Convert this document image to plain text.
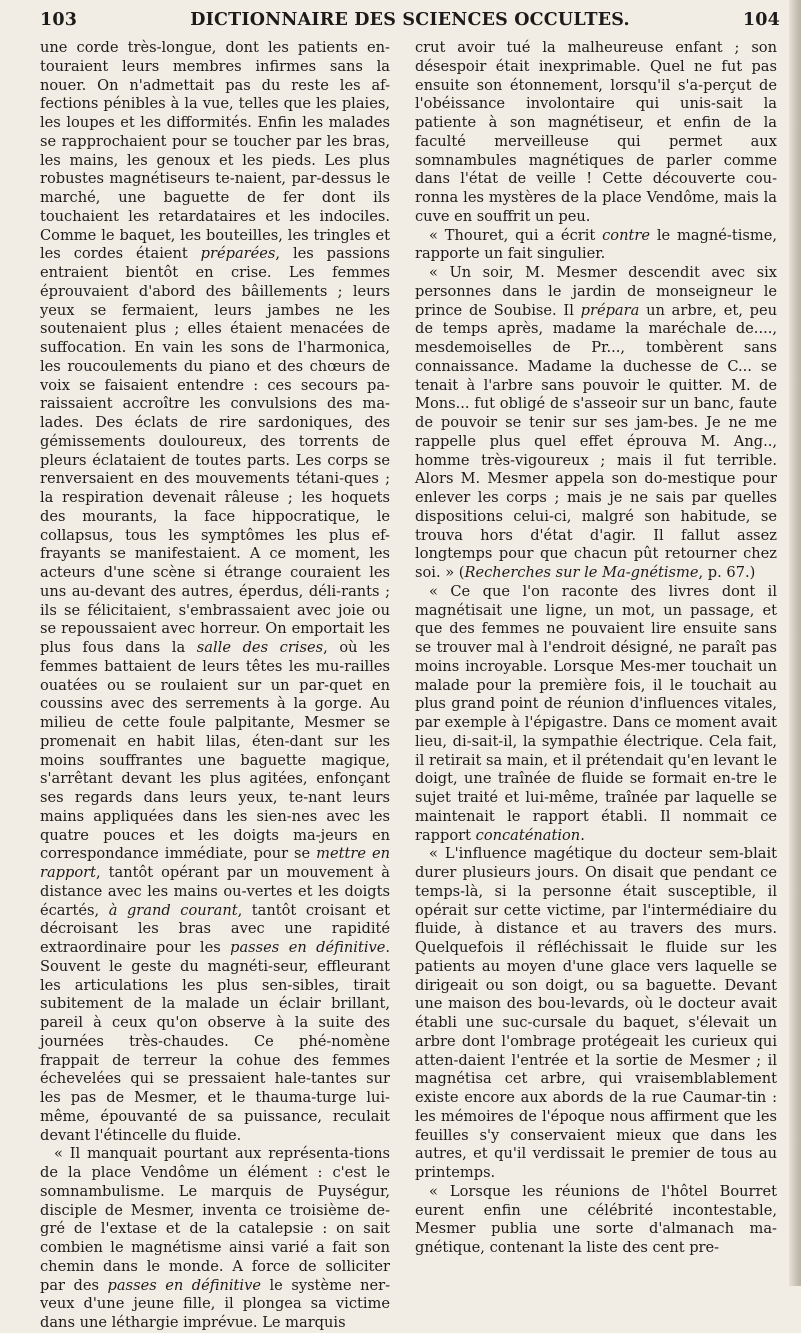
103	DICTIONNAIRE DES SCIENCES OCCULTES.	104

une corde très-longue, dont les patients en-touraient leurs membres infirmes sans la nouer. On n'admettait pas du reste les af-fections pénibles à la vue, telles que les plaies, les loupes et les difformités. Enfin les malades se rapprochaient pour se toucher par les bras, les mains, les genoux et les pieds. Les plus robustes magnétiseurs te-naient, par-dessus le marché, une baguette de fer dont ils touchaient les retardataires et les indociles. Comme le baquet, les bouteilles, les tringles et les cordes étaient préparées, les passions entraient bientôt en crise. Les femmes éprouvaient d'abord des bâillements ; leurs yeux se fermaient, leurs jambes ne les soutenaient plus ; elles étaient menacées de suffocation. En vain les sons de l'harmonica, les roucoulements du piano et des chœurs de voix se faisaient entendre : ces secours pa-raissaient accroître les convulsions des ma-lades. Des éclats de rire sardoniques, des gémissements douloureux, des torrents de pleurs éclataient de toutes parts. Les corps se renversaient en des mouvements tétani-ques ; la respiration devenait râleuse ; les hoquets des mourants, la face hippocratique, le collapsus, tous les symptômes les plus ef-frayants se manifestaient. A ce moment, les acteurs d'une scène si étrange couraient les uns au-devant des autres, éperdus, déli-rants ; ils se félicitaient, s'embrassaient avec joie ou se repoussaient avec horreur. On emportait les plus fous dans la salle des crises, où les femmes battaient de leurs têtes les mu-railles ouatées ou se roulaient sur un par-quet en coussins avec des serrements à la gorge. Au milieu de cette foule palpitante, Mesmer se promenait en habit lilas, éten-dant sur les moins souffrantes une baguette magique, s'arrêtant devant les plus agitées, enfonçant ses regards dans leurs yeux, te-nant leurs mains appliquées dans les sien-nes avec les quatre pouces et les doigts ma-jeurs en correspondance immédiate, pour se mettre en rapport, tantôt opérant par un mouvement à distance avec les mains ou-vertes et les doigts écartés, à grand courant, tantôt croisant et décroisant les bras avec une rapidité extraordinaire pour les passes en définitive. Souvent le geste du magnéti-seur, effleurant les articulations les plus sen-sibles, tirait subitement de la malade un éclair brillant, pareil à ceux qu'on observe à la suite des journées très-chaudes. Ce phé-nomène frappait de terreur la cohue des femmes échevelées qui se pressaient hale-tantes sur les pas de Mesmer, et le thauma-turge lui-même, épouvanté de sa puissance, reculait devant l'étincelle du fluide.

« Il manquait pourtant aux représenta-tions de la place Vendôme un élément : c'est le somnambulisme. Le marquis de Puységur, disciple de Mesmer, inventa ce troisième de-gré de l'extase et de la catalepsie : on sait combien le magnétisme ainsi varié a fait son chemin dans le monde. A force de solliciter par des passes en définitive le système ner-veux d'une jeune fille, il plongea sa victime dans une léthargie imprévue. Le marquis

crut avoir tué la malheureuse enfant ; son désespoir était inexprimable. Quel ne fut pas ensuite son étonnement, lorsqu'il s'a-perçut de l'obéissance involontaire qui unis-sait la patiente à son magnétiseur, et enfin de la faculté merveilleuse qui permet aux somnambules magnétiques de parler comme dans l'état de veille ! Cette découverte cou-ronna les mystères de la place Vendôme, mais la cuve en souffrit un peu.

« Thouret, qui a écrit contre le magné-tisme, rapporte un fait singulier.

« Un soir, M. Mesmer descendit avec six personnes dans le jardin de monseigneur le prince de Soubise. Il prépara un arbre, et, peu de temps après, madame la maréchale de...., mesdemoiselles de Pr..., tombèrent sans connaissance. Madame la duchesse de C... se tenait à l'arbre sans pouvoir le quitter. M. de Mons... fut obligé de s'asseoir sur un banc, faute de pouvoir se tenir sur ses jam-bes. Je ne me rappelle plus quel effet éprouva M. Ang.., homme très-vigoureux ; mais il fut terrible. Alors M. Mesmer appela son do-mestique pour enlever les corps ; mais je ne sais par quelles dispositions celui-ci, malgré son habitude, se trouva hors d'état d'agir. Il fallut assez longtemps pour que chacun pût retourner chez soi. » (Recherches sur le Ma-gnétisme, p. 67.)

« Ce que l'on raconte des livres dont il magnétisait une ligne, un mot, un passage, et que des femmes ne pouvaient lire ensuite sans se trouver mal à l'endroit désigné, ne paraît pas moins incroyable. Lorsque Mes-mer touchait un malade pour la première fois, il le touchait au plus grand point de réunion d'influences vitales, par exemple à l'épigastre. Dans ce moment avait lieu, di-sait-il, la sympathie électrique. Cela fait, il retirait sa main, et il prétendait qu'en levant le doigt, une traînée de fluide se formait en-tre le sujet traité et lui-même, traînée par laquelle se maintenait le rapport établi. Il nommait ce rapport concaténation.

« L'influence magétique du docteur sem-blait durer plusieurs jours. On disait que pendant ce temps-là, si la personne était susceptible, il opérait sur cette victime, par l'intermédiaire du fluide, à distance et au travers des murs. Quelquefois il réfléchissait le fluide sur les patients au moyen d'une glace vers laquelle se dirigeait ou son doigt, ou sa baguette. Devant une maison des bou-levards, où le docteur avait établi une suc-cursale du baquet, s'élevait un arbre dont l'ombrage protégeait les curieux qui atten-daient l'entrée et la sortie de Mesmer ; il magnétisa cet arbre, qui vraisemblablement existe encore aux abords de la rue Caumar-tin : les mémoires de l'époque nous affirment que les feuilles s'y conservaient mieux que dans les autres, et qu'il verdissait le premier de tous au printemps.

« Lorsque les réunions de l'hôtel Bourret eurent enfin une célébrité incontestable, Mesmer publia une sorte d'almanach ma-gnétique, contenant la liste des cent pre-
